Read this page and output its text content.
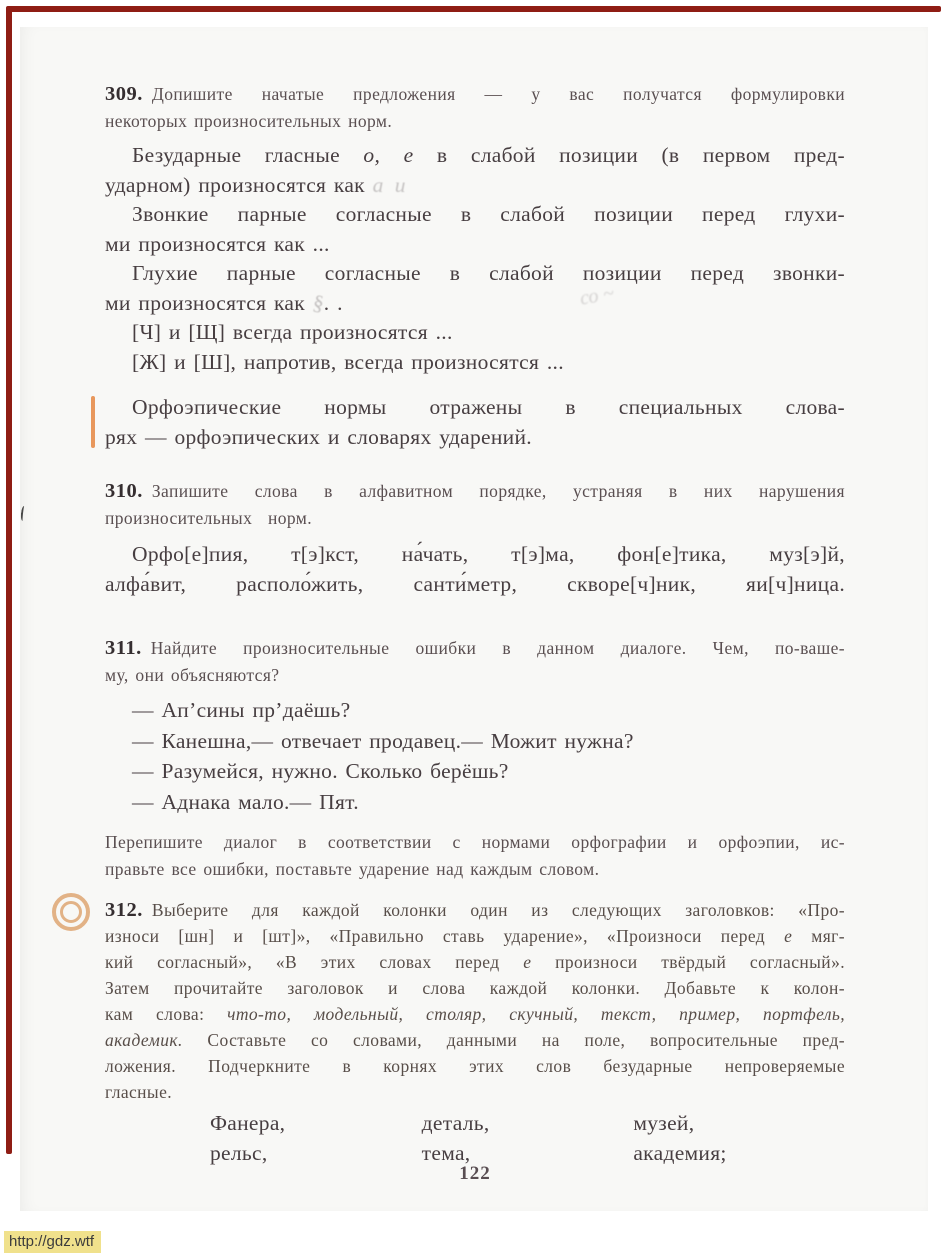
309. Допишите начатые предложения — у вас получатся формулировки
некоторых произносительных норм.
Безударные гласные о, е в слабой позиции (в первом пред-
ударном) произносятся как а и
Звонкие парные согласные в слабой позиции перед глухи-
ми произносятся как ...
Глухие парные согласные в слабой позиции перед звонки-
ми произносятся как §. .
[Ч] и [Щ] всегда произносятся ...
[Ж] и [Ш], напротив, всегда произносятся ...
Орфоэпические нормы отражены в специальных слова-
рях — орфоэпических и словарях ударений.
310. Запишите слова в алфавитном порядке, устраняя в них нарушения
произносительных норм.
Орфо[е]пия, т[э]кст, на́чать, т[э]ма, фон[е]тика, муз[э]й,
алфа́вит, располо́жить, санти́метр, скворе[ч]ник, яи[ч]ница.
311. Найдите произносительные ошибки в данном диалоге. Чем, по-ваше-
му, они объясняются?
— Ап’сины пр’даёшь?
— Канешна,— отвечает продавец.— Можит нужна?
— Разумейся, нужно. Сколько берёшь?
— Аднака мало.— Пят.
Перепишите диалог в соответствии с нормами орфографии и орфоэпии, ис-
правьте все ошибки, поставьте ударение над каждым словом.
312. Выберите для каждой колонки один из следующих заголовков: «Про-
износи [шн] и [шт]», «Правильно ставь ударение», «Произноси перед е мяг-
кий согласный», «В этих словах перед е произноси твёрдый согласный».
Затем прочитайте заголовок и слова каждой колонки. Добавьте к колон-
кам слова: что-то, модельный, столяр, скучный, текст, пример, портфель,
академик. Составьте со словами, данными на поле, вопросительные пред-
ложения. Подчеркните в корнях этих слов безударные непроверяемые
гласные.
Фанера,
рельс,
деталь,
тема,
музей,
академия;
со ~
122
http://gdz.wtf
